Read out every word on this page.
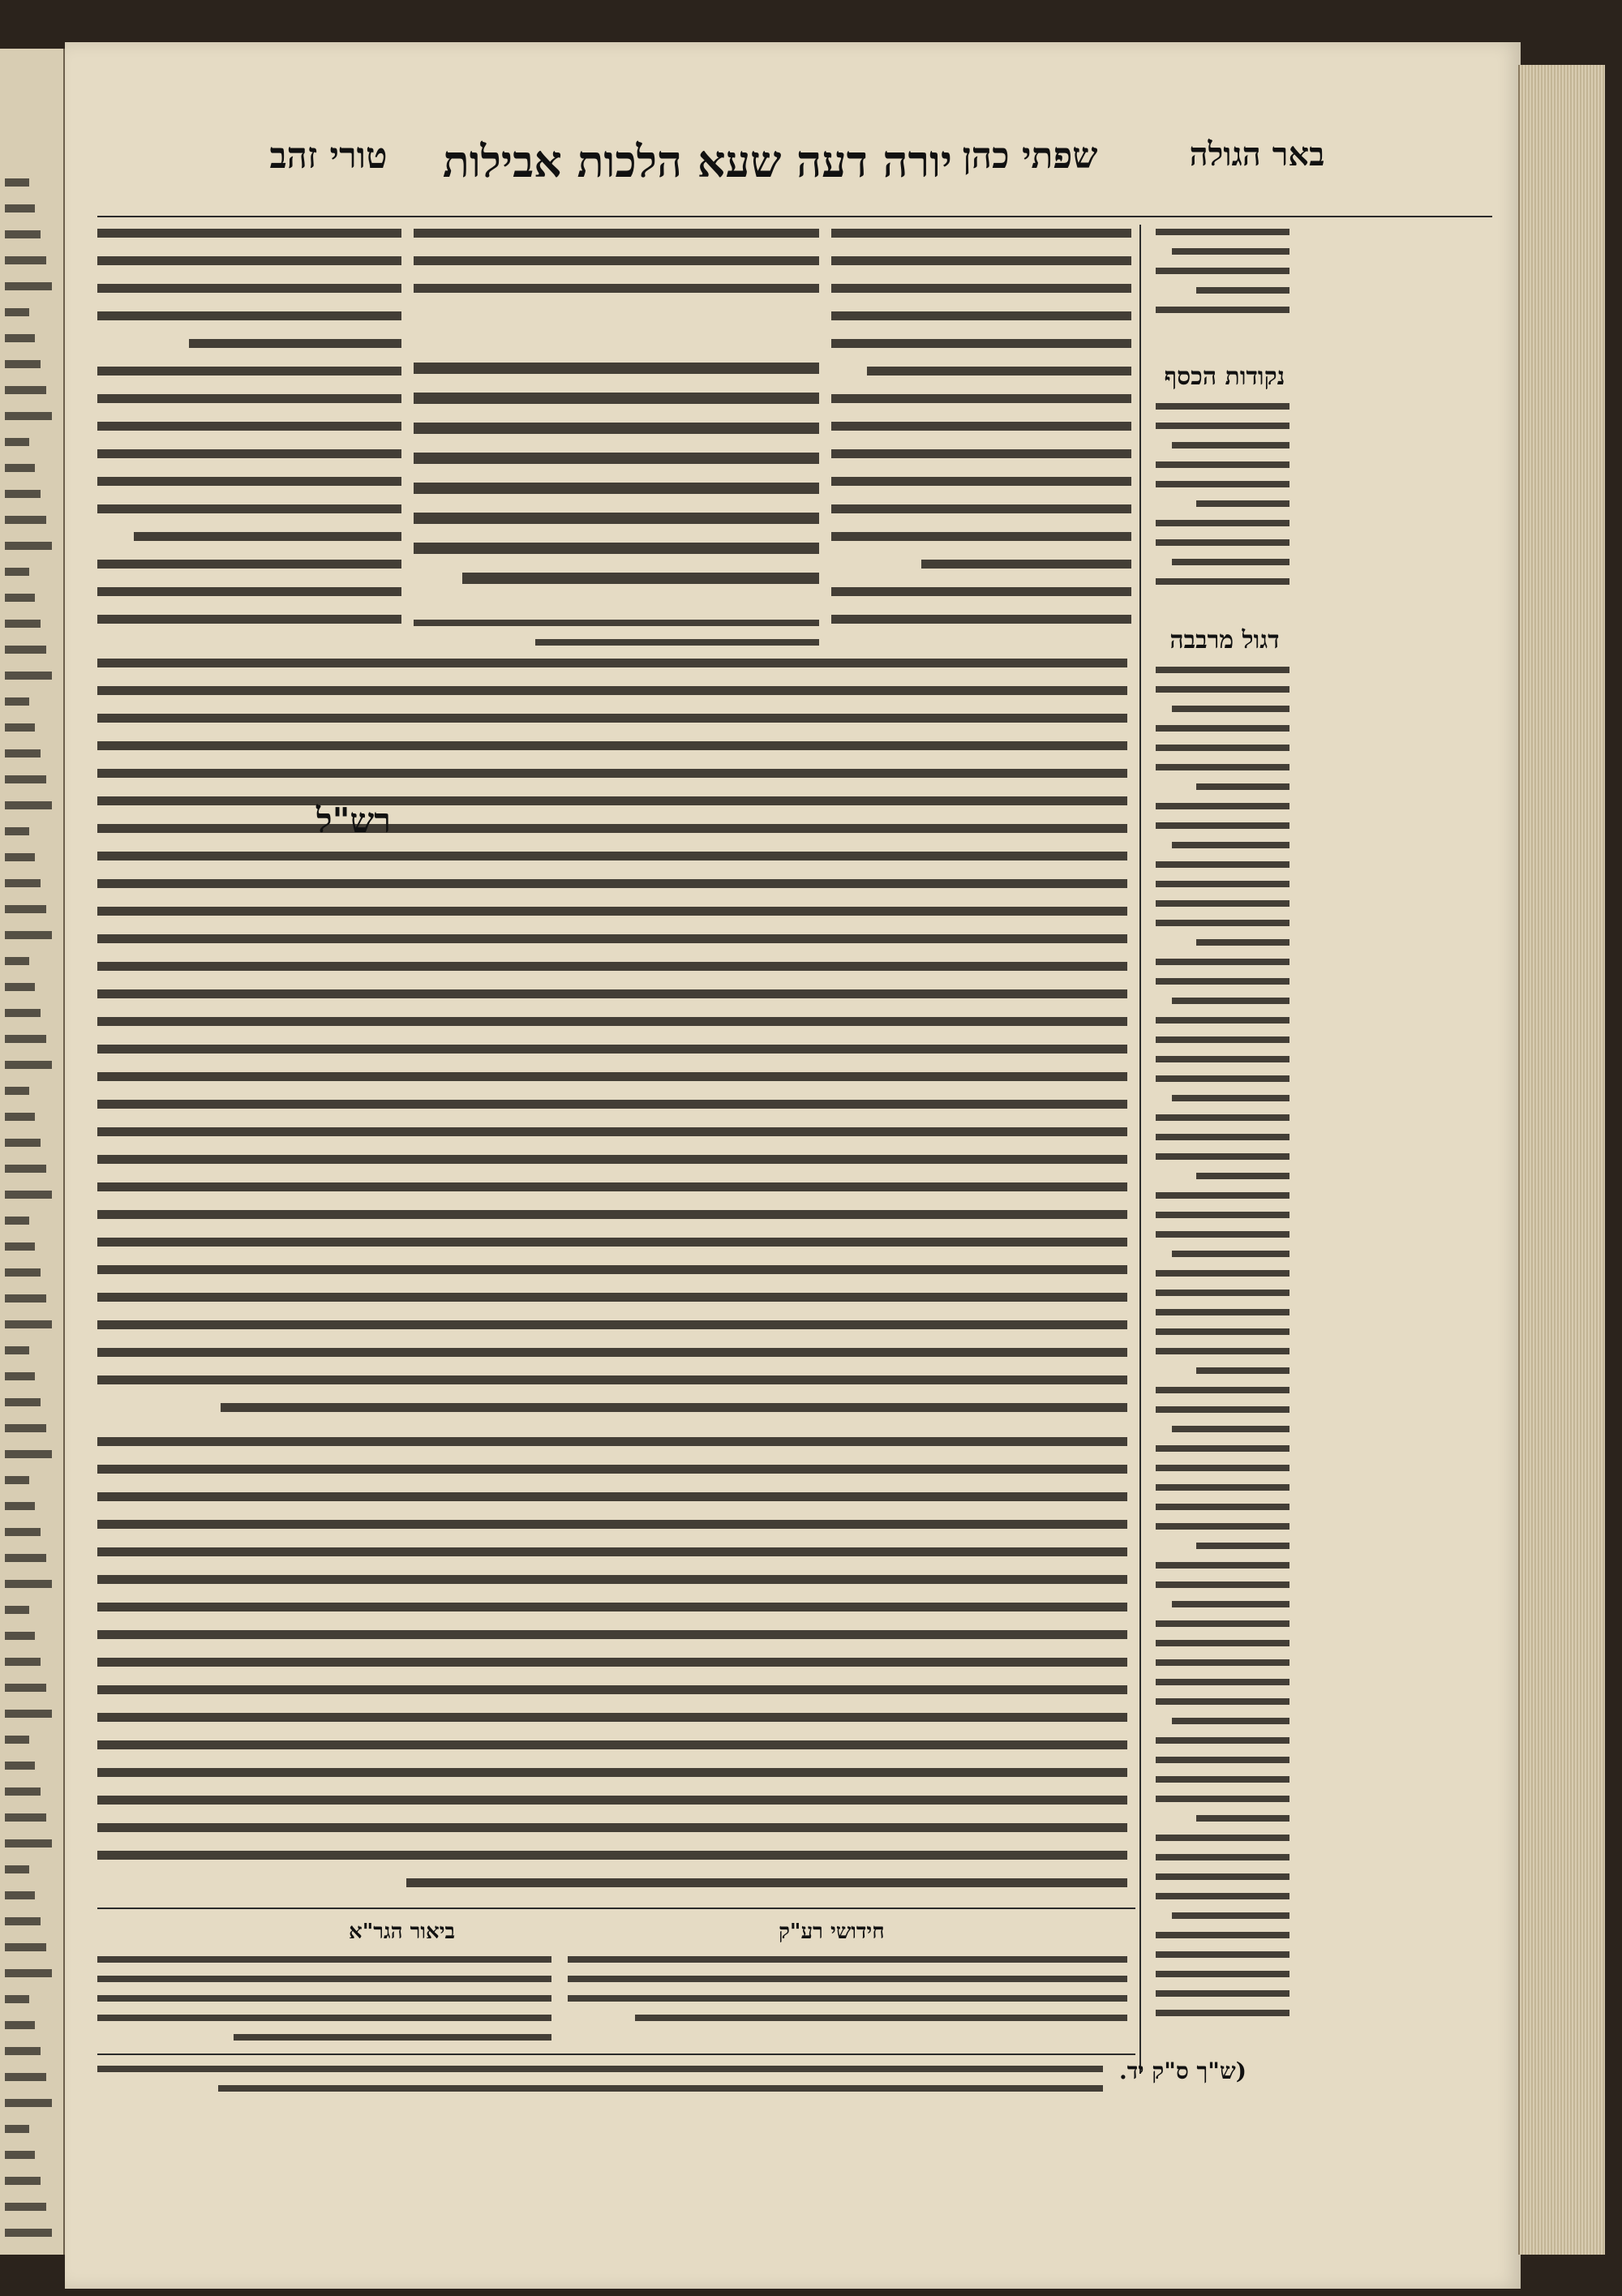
טורי זהב	יורה דעה שעא הלכות אבילות שפתי כהן	באר הגולה
נקודות הכסף
דגול מרבבה
רש"ל
ביאור הגר"א	חידושי רע"ק
(ש"ך ס"ק יד.
